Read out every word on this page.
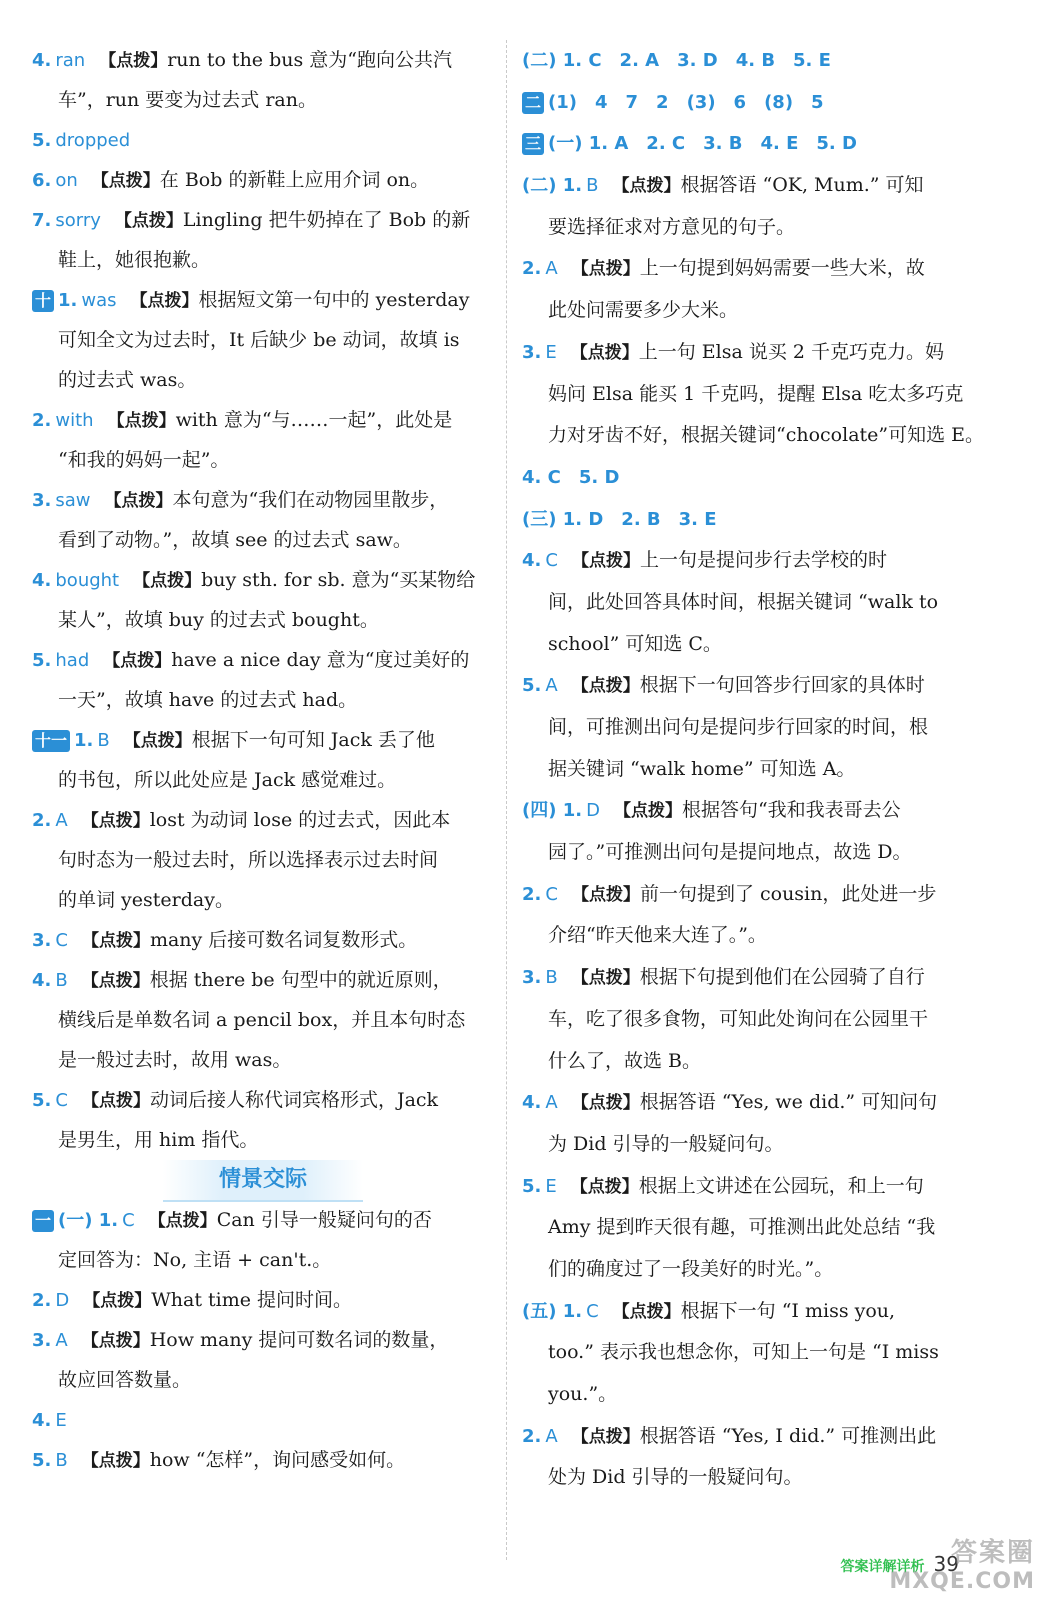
4. ran 【点拨】run to the bus 意为“跑向公共汽
车”，run 要变为过去式 ran。
5. dropped
6. on 【点拨】在 Bob 的新鞋上应用介词 on。
7. sorry 【点拨】Lingling 把牛奶掉在了 Bob 的新
鞋上，她很抱歉。
十 1. was 【点拨】根据短文第一句中的 yesterday
可知全文为过去时，It 后缺少 be 动词，故填 is
的过去式 was。
2. with 【点拨】with 意为“与……一起”，此处是
“和我的妈妈一起”。
3. saw 【点拨】本句意为“我们在动物园里散步，
看到了动物。”，故填 see 的过去式 saw。
4. bought 【点拨】buy sth. for sb. 意为“买某物给
某人”，故填 buy 的过去式 bought。
5. had 【点拨】have a nice day 意为“度过美好的
一天”，故填 have 的过去式 had。
十一 1. B 【点拨】根据下一句可知 Jack 丢了他
的书包，所以此处应是 Jack 感觉难过。
2. A 【点拨】lost 为动词 lose 的过去式，因此本
句时态为一般过去时，所以选择表示过去时间
的单词 yesterday。
3. C 【点拨】many 后接可数名词复数形式。
4. B 【点拨】根据 there be 句型中的就近原则，
横线后是单数名词 a pencil box，并且本句时态
是一般过去时，故用 was。
5. C 【点拨】动词后接人称代词宾格形式，Jack
是男生，用 him 指代。
情景交际
一 (一) 1. C 【点拨】Can 引导一般疑问句的否
定回答为：No, 主语 + can't.。
2. D 【点拨】What time 提问时间。
3. A 【点拨】How many 提问可数名词的数量，
故应回答数量。
4. E
5. B 【点拨】how “怎样”，询问感受如何。
(二) 1. C　2. A　3. D　4. B　5. E
二 (1)　4　7　2　(3)　6　(8)　5
三 (一) 1. A　2. C　3. B　4. E　5. D
(二) 1. B 【点拨】根据答语 “OK, Mum.” 可知
要选择征求对方意见的句子。
2. A 【点拨】上一句提到妈妈需要一些大米，故
此处问需要多少大米。
3. E 【点拨】上一句 Elsa 说买 2 千克巧克力。妈
妈问 Elsa 能买 1 千克吗，提醒 Elsa 吃太多巧克
力对牙齿不好，根据关键词“chocolate”可知选 E。
4. C　5. D
(三) 1. D　2. B　3. E
4. C 【点拨】上一句是提问步行去学校的时
间，此处回答具体时间，根据关键词 “walk to
school” 可知选 C。
5. A 【点拨】根据下一句回答步行回家的具体时
间，可推测出问句是提问步行回家的时间，根
据关键词 “walk home” 可知选 A。
(四) 1. D 【点拨】根据答句“我和我表哥去公
园了。”可推测出问句是提问地点，故选 D。
2. C 【点拨】前一句提到了 cousin，此处进一步
介绍“昨天他来大连了。”。
3. B 【点拨】根据下句提到他们在公园骑了自行
车，吃了很多食物，可知此处询问在公园里干
什么了，故选 B。
4. A 【点拨】根据答语 “Yes, we did.” 可知问句
为 Did 引导的一般疑问句。
5. E 【点拨】根据上文讲述在公园玩，和上一句
Amy 提到昨天很有趣，可推测出此处总结 “我
们的确度过了一段美好的时光。”。
(五) 1. C 【点拨】根据下一句 “I miss you,
too.” 表示我也想念你，可知上一句是 “I miss
you.”。
2. A 【点拨】根据答语 “Yes, I did.” 可推测出此
处为 Did 引导的一般疑问句。
答案详解详析 39
答案圈
MXQE.COM
